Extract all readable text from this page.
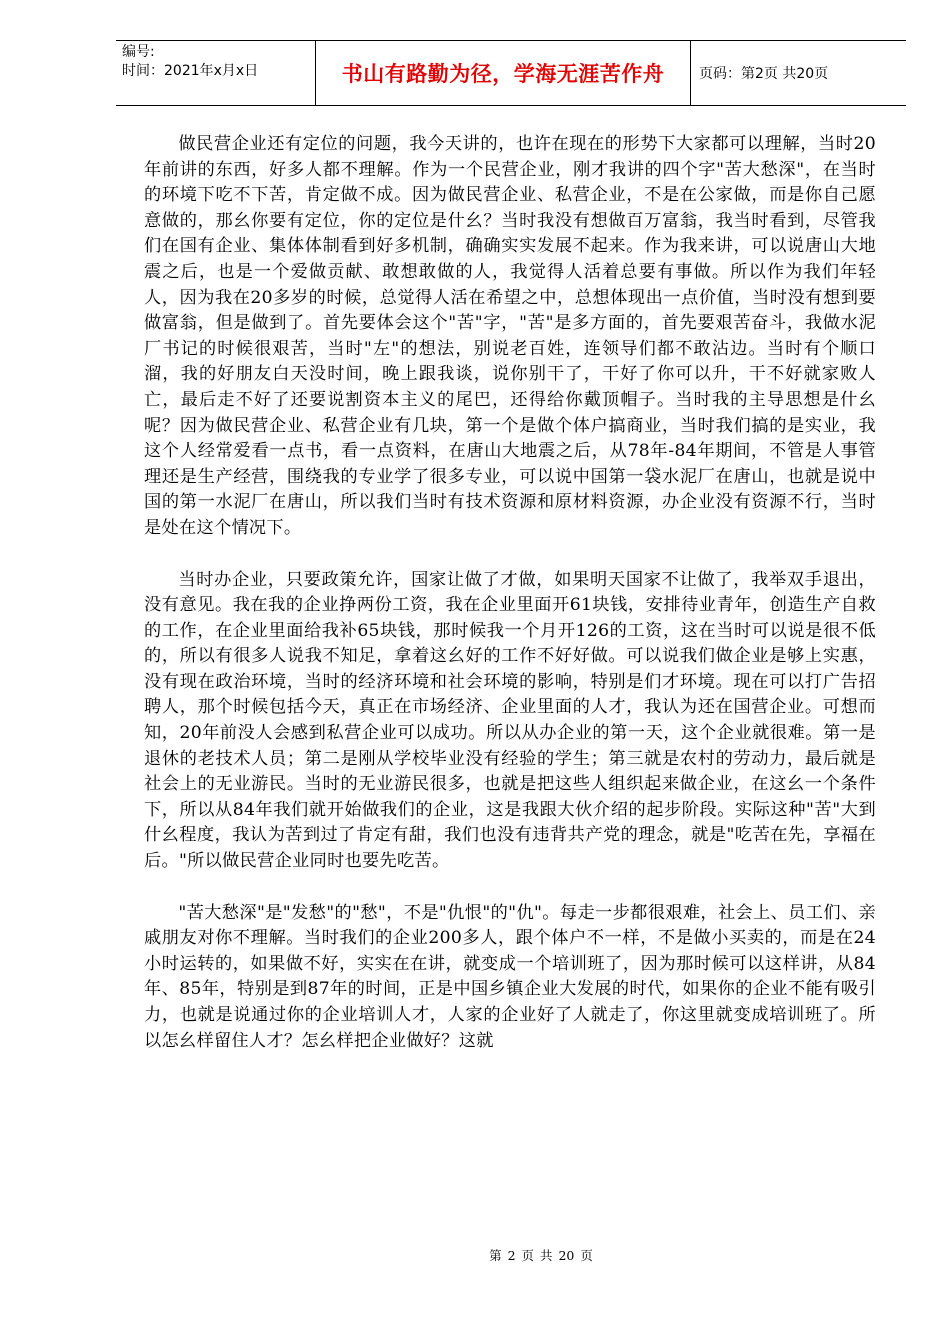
编号:
时间：2021年x月x日	书山有路勤为径，学海无涯苦作舟	页码：第2页 共20页

做民营企业还有定位的问题，我今天讲的，也许在现在的形势下大家都可以理解，当时20年前讲的东西，好多人都不理解。作为一个民营企业，刚才我讲的四个字"苦大愁深"，在当时的环境下吃不下苦，肯定做不成。因为做民营企业、私营企业，不是在公家做，而是你自己愿意做的，那幺你要有定位，你的定位是什幺？当时我没有想做百万富翁，我当时看到，尽管我们在国有企业、集体体制看到好多机制，确确实实发展不起来。作为我来讲，可以说唐山大地震之后，也是一个爱做贡献、敢想敢做的人，我觉得人活着总要有事做。所以作为我们年轻人，因为我在20多岁的时候，总觉得人活在希望之中，总想体现出一点价值，当时没有想到要做富翁，但是做到了。首先要体会这个"苦"字，"苦"是多方面的，首先要艰苦奋斗，我做水泥厂书记的时候很艰苦，当时"左"的想法，别说老百姓，连领导们都不敢沾边。当时有个顺口溜，我的好朋友白天没时间，晚上跟我谈，说你别干了，干好了你可以升，干不好就家败人亡，最后走不好了还要说割资本主义的尾巴，还得给你戴顶帽子。当时我的主导思想是什幺呢？因为做民营企业、私营企业有几块，第一个是做个体户搞商业，当时我们搞的是实业，我这个人经常爱看一点书，看一点资料，在唐山大地震之后，从78年-84年期间，不管是人事管理还是生产经营，围绕我的专业学了很多专业，可以说中国第一袋水泥厂在唐山，也就是说中国的第一水泥厂在唐山，所以我们当时有技术资源和原材料资源，办企业没有资源不行，当时是处在这个情况下。

当时办企业，只要政策允许，国家让做了才做，如果明天国家不让做了，我举双手退出，没有意见。我在我的企业挣两份工资，我在企业里面开61块钱，安排待业青年，创造生产自救的工作，在企业里面给我补65块钱，那时候我一个月开126的工资，这在当时可以说是很不低的，所以有很多人说我不知足，拿着这幺好的工作不好好做。可以说我们做企业是够上实惠，没有现在政治环境，当时的经济环境和社会环境的影响，特别是们才环境。现在可以打广告招聘人，那个时候包括今天，真正在市场经济、企业里面的人才，我认为还在国营企业。可想而知，20年前没人会感到私营企业可以成功。所以从办企业的第一天，这个企业就很难。第一是退休的老技术人员；第二是刚从学校毕业没有经验的学生；第三就是农村的劳动力，最后就是社会上的无业游民。当时的无业游民很多，也就是把这些人组织起来做企业，在这幺一个条件下，所以从84年我们就开始做我们的企业，这是我跟大伙介绍的起步阶段。实际这种"苦"大到什幺程度，我认为苦到过了肯定有甜，我们也没有违背共产党的理念，就是"吃苦在先，享福在后。"所以做民营企业同时也要先吃苦。

"苦大愁深"是"发愁"的"愁"，不是"仇恨"的"仇"。每走一步都很艰难，社会上、员工们、亲戚朋友对你不理解。当时我们的企业200多人，跟个体户不一样，不是做小买卖的，而是在24小时运转的，如果做不好，实实在在讲，就变成一个培训班了，因为那时候可以这样讲，从84年、85年，特别是到87年的时间，正是中国乡镇企业大发展的时代，如果你的企业不能有吸引力，也就是说通过你的企业培训人才，人家的企业好了人就走了，你这里就变成培训班了。所以怎幺样留住人才？怎幺样把企业做好？这就

第 2 页 共 20 页
